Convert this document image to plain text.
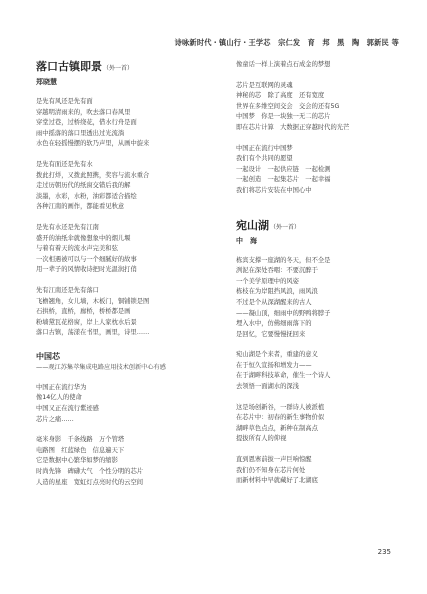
诗咏新时代・镇山行・王学芯　宗仁发　育　邦　黑　陶　郭新民 等
落口古镇即景（外一首）
郑晓慧
是先有风还是先有面
穿越明清雨来的，吹去落口春风里
穿堂过巷，过桥绕花，借水行舟是面
雨中摇落的落口里透出过光流淌
水色在轻摇慢摆的软乃声里，从画中旋来
是先有面还是先有水
拨此打烊，又拨此照携，奖容与流水重合
走过历朝历代的纸窗交错后我的解
淡墨，水彩，水粉，油彩都适合描绘
各种江南的画作，都能看见秋意
是先有水还是先有江南
盛开的油纸伞就像想象中的烟儿堰
与着有着天的流水声完美和弦
一次相遇被可以与一个细腻好的故事
用一辈子的风情收诗把时光温润打俏
先有江南还是先有落口
飞檐翘角，女儿墙，木板门，铜铺锁是图
石拱桥，直桥，廊桥，桥桥都是画
粉墙黛瓦花格窗，岸上人家枕水后景
落口古镇，荡漾在书里，画里，诗里……
中国芯
——观江苏集萃集成电路应用技术创新中心有感
中国正在流行华为
像14亿人的使命
中国又正在流行紫迹感
芯片之痛……
毫米身影　千条线路　万个管塔
电路图　红蓝绿色　信息遍天下
它是数据中心繁华如梦的缩影
时尚先锋　碑礴大气　个性分明的芯片
人造的星座　宽虹灯点亮时代的云空间
像童话一样上演着点石成金的梦想
芯片是互联网的灵魂
神秘的芯　除了高度　还有宽度
世界在多维空间交会　交会的还有5G
中国梦　你是一块独一无二的芯片
即在芯片计算　大数据正穿越时代的光芒
中国正在流行中国梦
我们有个共同的愿望
一起设计　一起供应链　一起检测
一起创造　一起集芯片　一起幸福
我们将芯片安装在中国心中
宛山湖（外一首）
中　海
栋宾支撑一座湖的冬天，但不全是
洌泥在深处吞咽：不要沉醉于
一个美学原理中的风姿
栋枝在为岸阻挡风浪，雨风浪
不过是个从深湖醒来的古人
——凝山顶，细雨中的野鸭将脖子
埋入水中，仿佛细雨落下的
是回忆，它要慢慢抚回来
宛山湖是个来者，重建的意义
在于恒久宣扬和增发力——
在于湖畔科技革命，催生一个诗人
去领悟一面湖水的深浅
这是场创新谷，一群诗人被派植
在芯片中：初春的新生事物价似
湖畔草色点点，新种在制高点
提拔所有人的仰视
直到恩寨前拔一声巨响惊醒
我们仍不知身在芯片何处
而新材料中早就藏好了北湖底
235
